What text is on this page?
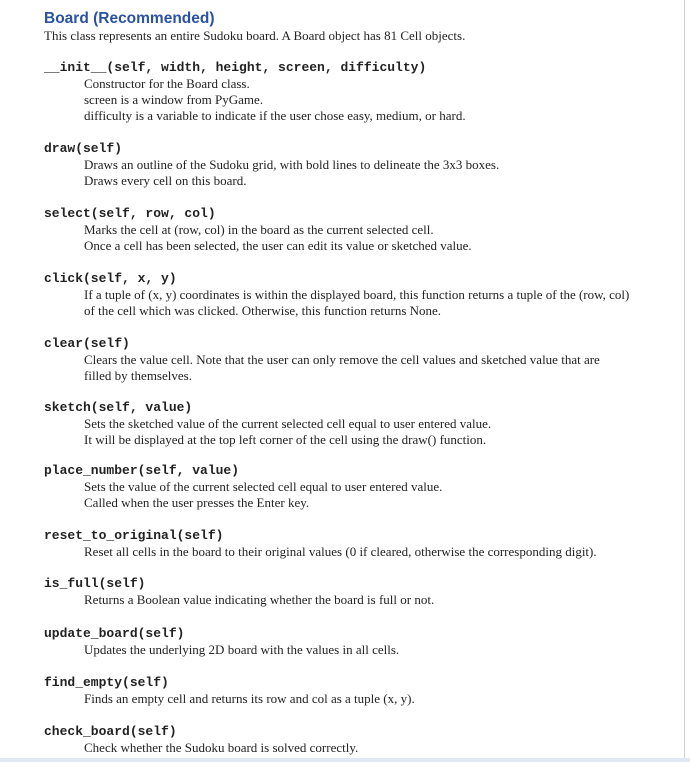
Board (Recommended)
This class represents an entire Sudoku board. A Board object has 81 Cell objects.
__init__(self, width, height, screen, difficulty)
Constructor for the Board class.
screen is a window from PyGame.
difficulty is a variable to indicate if the user chose easy, medium, or hard.
draw(self)
Draws an outline of the Sudoku grid, with bold lines to delineate the 3x3 boxes.
Draws every cell on this board.
select(self, row, col)
Marks the cell at (row, col) in the board as the current selected cell.
Once a cell has been selected, the user can edit its value or sketched value.
click(self, x, y)
If a tuple of (x, y) coordinates is within the displayed board, this function returns a tuple of the (row, col)
of the cell which was clicked. Otherwise, this function returns None.
clear(self)
Clears the value cell. Note that the user can only remove the cell values and sketched value that are
filled by themselves.
sketch(self, value)
Sets the sketched value of the current selected cell equal to user entered value.
It will be displayed at the top left corner of the cell using the draw() function.
place_number(self, value)
Sets the value of the current selected cell equal to user entered value.
Called when the user presses the Enter key.
reset_to_original(self)
Reset all cells in the board to their original values (0 if cleared, otherwise the corresponding digit).
is_full(self)
Returns a Boolean value indicating whether the board is full or not.
update_board(self)
Updates the underlying 2D board with the values in all cells.
find_empty(self)
Finds an empty cell and returns its row and col as a tuple (x, y).
check_board(self)
Check whether the Sudoku board is solved correctly.
